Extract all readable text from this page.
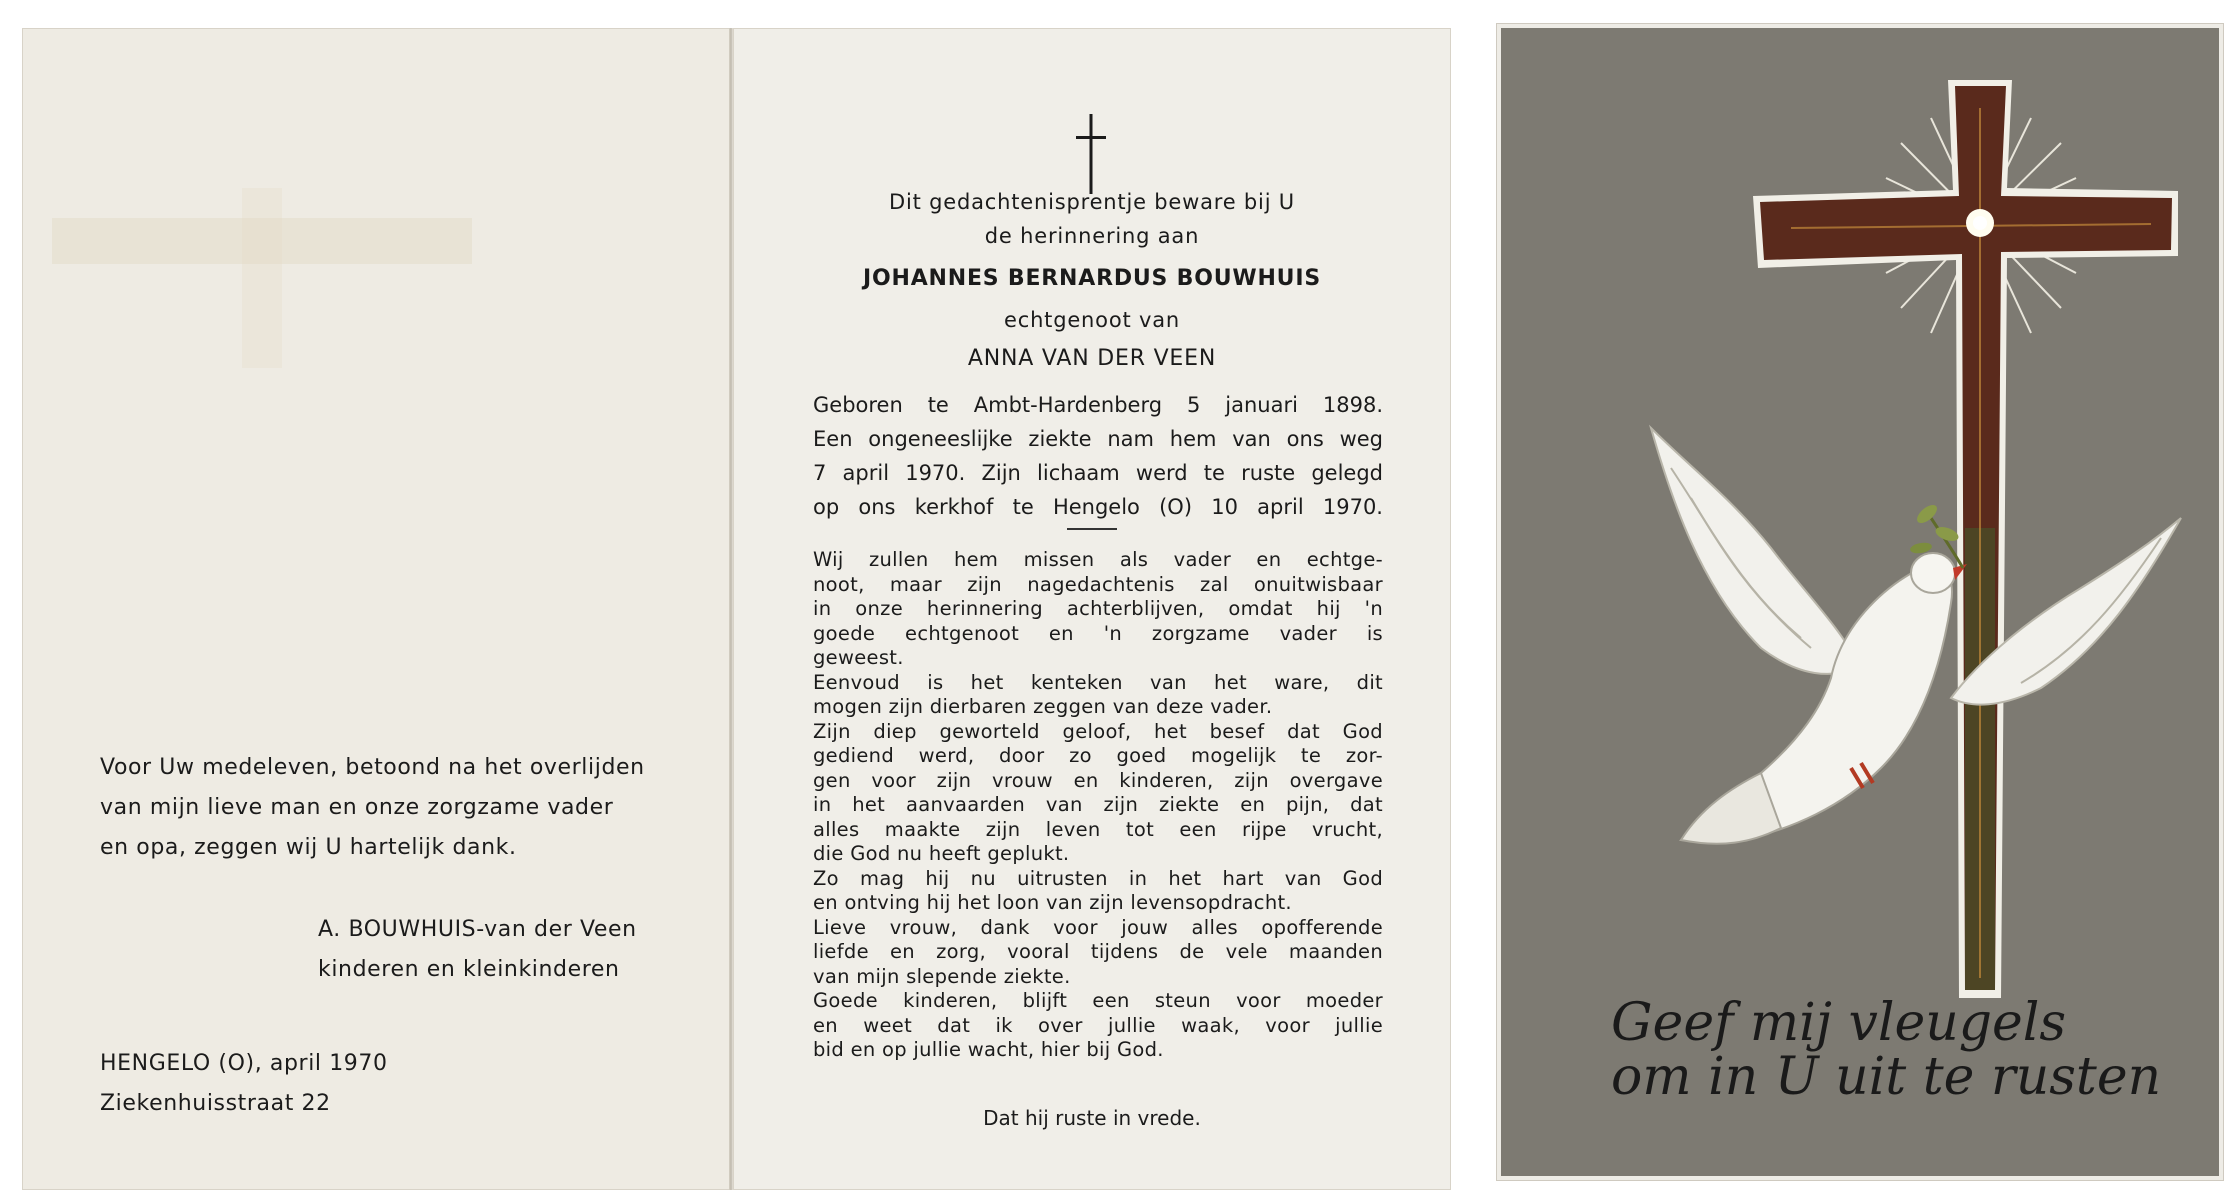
Voor Uw medeleven, betoond na het overlijden
van mijn lieve man en onze zorgzame vader
en opa, zeggen wij U hartelijk dank.
A. BOUWHUIS-van der Veen
kinderen en kleinkinderen
HENGELO (O), april 1970
Ziekenhuisstraat 22
Dit gedachtenisprentje beware bij U
de herinnering aan
JOHANNES BERNARDUS BOUWHUIS
echtgenoot van
ANNA VAN DER VEEN
Geboren te Ambt-Hardenberg 5 januari 1898.
Een ongeneeslijke ziekte nam hem van ons weg
7 april 1970. Zijn lichaam werd te ruste gelegd
op ons kerkhof te Hengelo (O) 10 april 1970.
Wij zullen hem missen als vader en echtge-
noot, maar zijn nagedachtenis zal onuitwisbaar
in onze herinnering achterblijven, omdat hij 'n
goede echtgenoot en 'n zorgzame vader is
geweest.
Eenvoud is het kenteken van het ware, dit
mogen zijn dierbaren zeggen van deze vader.
Zijn diep geworteld geloof, het besef dat God
gediend werd, door zo goed mogelijk te zor-
gen voor zijn vrouw en kinderen, zijn overgave
in het aanvaarden van zijn ziekte en pijn, dat
alles maakte zijn leven tot een rijpe vrucht,
die God nu heeft geplukt.
Zo mag hij nu uitrusten in het hart van God
en ontving hij het loon van zijn levensopdracht.
Lieve vrouw, dank voor jouw alles opofferende
liefde en zorg, vooral tijdens de vele maanden
van mijn slepende ziekte.
Goede kinderen, blijft een steun voor moeder
en weet dat ik over jullie waak, voor jullie
bid en op jullie wacht, hier bij God.
Dat hij ruste in vrede.
Geef mij vleugels
om in U uit te rusten
